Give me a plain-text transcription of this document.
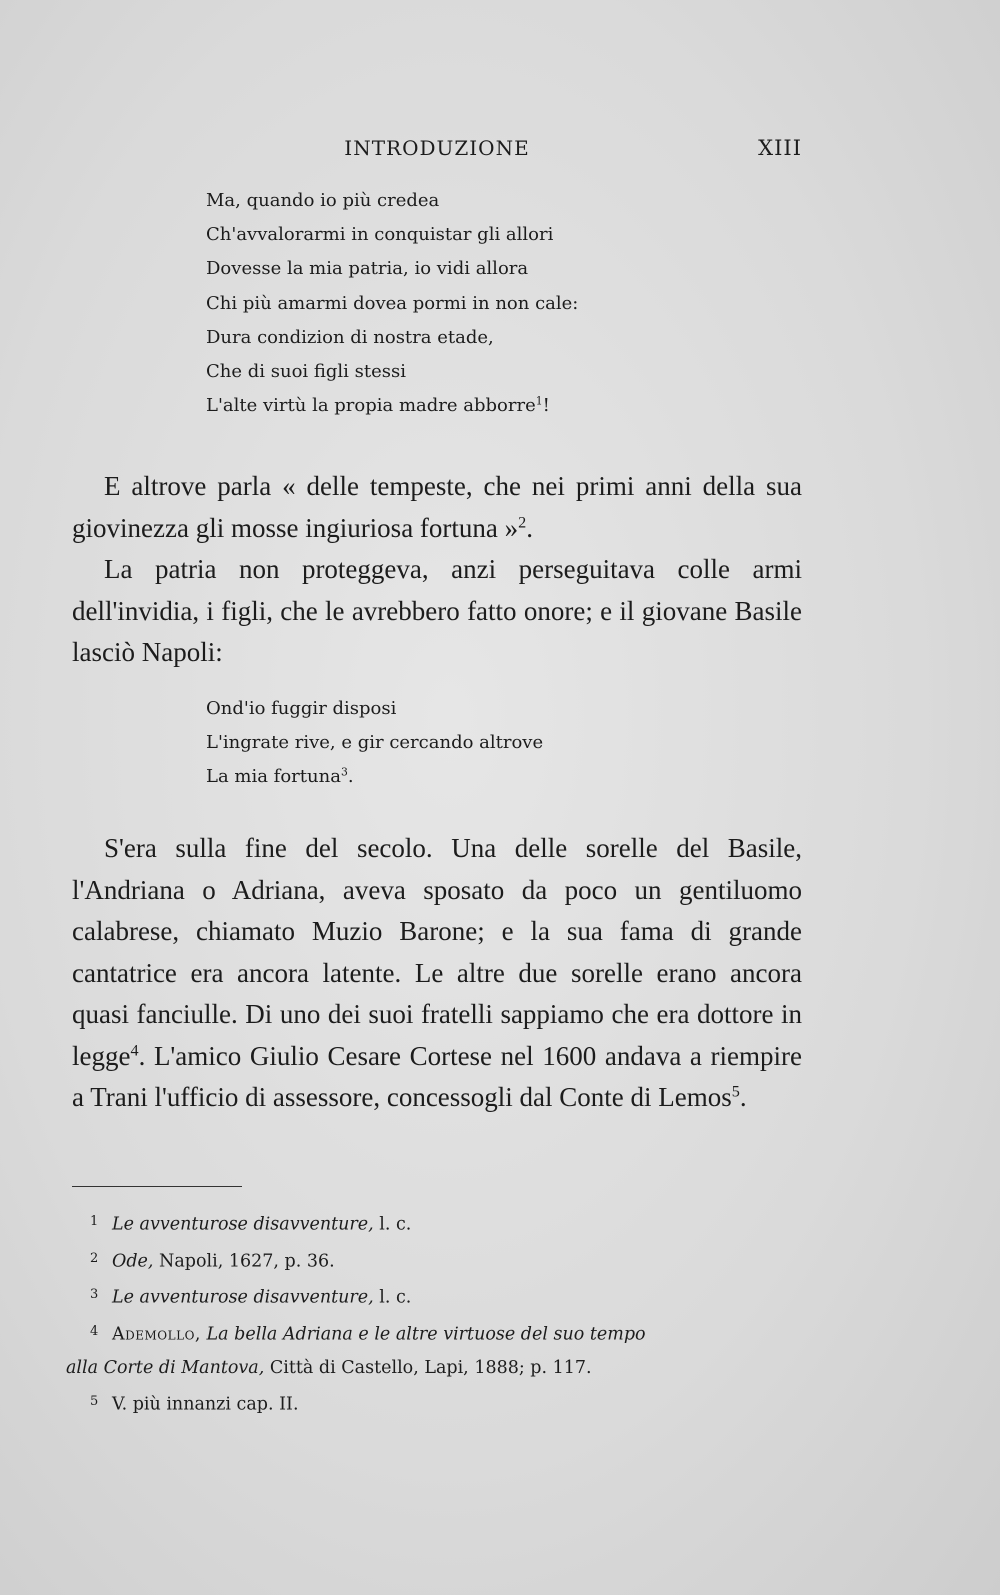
INTRODUZIONE	XIII
Ma, quando io più credea
Ch'avvalorarmi in conquistar gli allori
Dovesse la mia patria, io vidi allora
Chi più amarmi dovea pormi in non cale:
Dura condizion di nostra etade,
Che di suoi figli stessi
L'alte virtù la propia madre abborre$^1$!

E altrove parla « delle tempeste, che nei primi anni della sua giovinezza gli mosse ingiuriosa fortuna »$^2$.

La patria non proteggeva, anzi perseguitava colle armi dell'invidia, i figli, che le avrebbero fatto onore; e il giovane Basile lasciò Napoli:

Ond'io fuggir disposi
L'ingrate rive, e gir cercando altrove
La mia fortuna$^3$.

S'era sulla fine del secolo. Una delle sorelle del Basile, l'Andriana o Adriana, aveva sposato da poco un gentiluomo calabrese, chiamato Muzio Barone; e la sua fama di grande cantatrice era ancora latente. Le altre due sorelle erano ancora quasi fanciulle. Di uno dei suoi fratelli sappiamo che era dottore in legge$^4$. L'amico Giulio Cesare Cortese nel 1600 andava a riempire a Trani l'ufficio di assessore, concessogli dal Conte di Lemos$^5$.

1 Le avventurose disavventure, l. c.
2 Ode, Napoli, 1627, p. 36.
3 Le avventurose disavventure, l. c.
4 Ademollo, La bella Adriana e le altre virtuose del suo tempo
alla Corte di Mantova, Città di Castello, Lapi, 1888; p. 117.
5 V. più innanzi cap. II.
